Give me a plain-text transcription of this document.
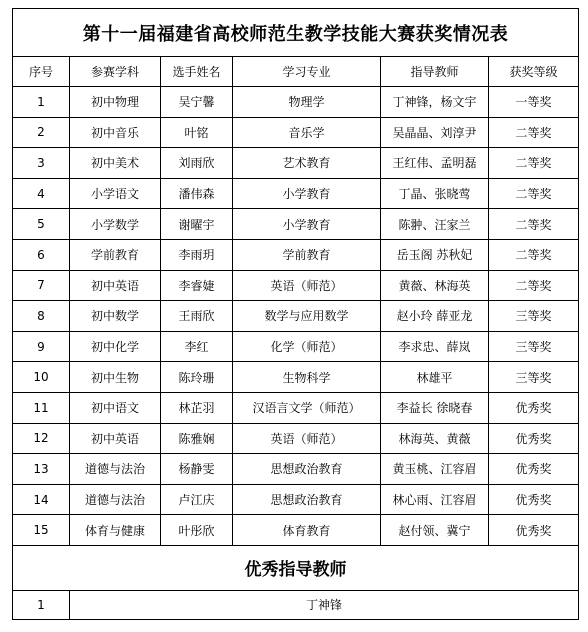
第十一届福建省高校师范生教学技能大赛获奖情况表					
序号	参赛学科	选手姓名	学习专业	指导教师	获奖等级
1	初中物理	吴宁馨	物理学	丁神锋，杨文宇	一等奖
2	初中音乐	叶铭	音乐学	吴晶晶、刘淳尹	二等奖
3	初中美术	刘雨欣	艺术教育	王红伟、孟明磊	二等奖
4	小学语文	潘伟森	小学教育	丁晶、张晓莺	二等奖
5	小学数学	谢曜宇	小学教育	陈翀、汪家兰	二等奖
6	学前教育	李雨玥	学前教育	岳玉阁 苏秋妃	二等奖
7	初中英语	李睿婕	英语（师范）	黄薇、林海英	二等奖
8	初中数学	王雨欣	数学与应用数学	赵小玲 薛亚龙	三等奖
9	初中化学	李红	化学（师范）	李求忠、薛岚	三等奖
10	初中生物	陈玲珊	生物科学	林雄平	三等奖
11	初中语文	林芷羽	汉语言文学（师范）	李益长 徐晓春	优秀奖
12	初中英语	陈雅娴	英语（师范）	林海英、黄薇	优秀奖
13	道德与法治	杨静雯	思想政治教育	黄玉桃、江容眉	优秀奖
14	道德与法治	卢江庆	思想政治教育	林心雨、江容眉	优秀奖
15	体育与健康	叶彤欣	体育教育	赵付领、冀宁	优秀奖
优秀指导教师					
1	丁神锋				
